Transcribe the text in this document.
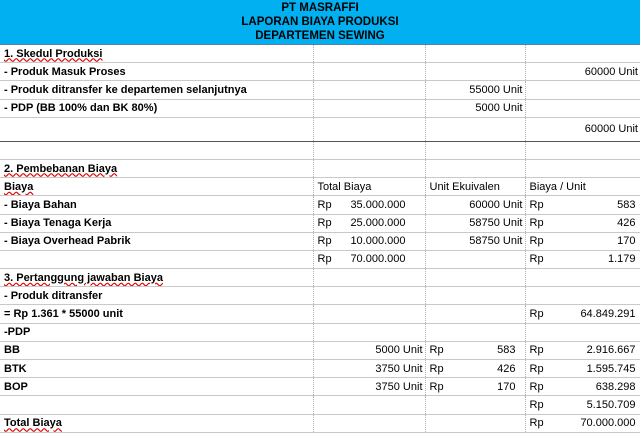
PT MASRAFFI
LAPORAN BIAYA PRODUKSI
DEPARTEMEN SEWING
1. Skedul Produksi			
- Produk Masuk Proses			60000 Unit
- Produk ditransfer ke departemen selanjutnya		55000 Unit	
- PDP (BB 100% dan BK 80%)		5000 Unit	
			60000 Unit

2. Pembebanan Biaya			
Biaya	Total Biaya	Unit Ekuivalen	Biaya / Unit
- Biaya Bahan	Rp 35.000.000	60000 Unit	Rp 583
- Biaya Tenaga Kerja	Rp 25.000.000	58750 Unit	Rp 426
- Biaya Overhead Pabrik	Rp 10.000.000	58750 Unit	Rp 170
	Rp 70.000.000		Rp 1.179
3. Pertanggung jawaban Biaya			
- Produk ditransfer			
= Rp 1.361 * 55000 unit			Rp 64.849.291
-PDP			
BB	5000 Unit	Rp 583	Rp 2.916.667
BTK	3750 Unit	Rp 426	Rp 1.595.745
BOP	3750 Unit	Rp 170	Rp 638.298
			Rp 5.150.709
Total Biaya			Rp 70.000.000
